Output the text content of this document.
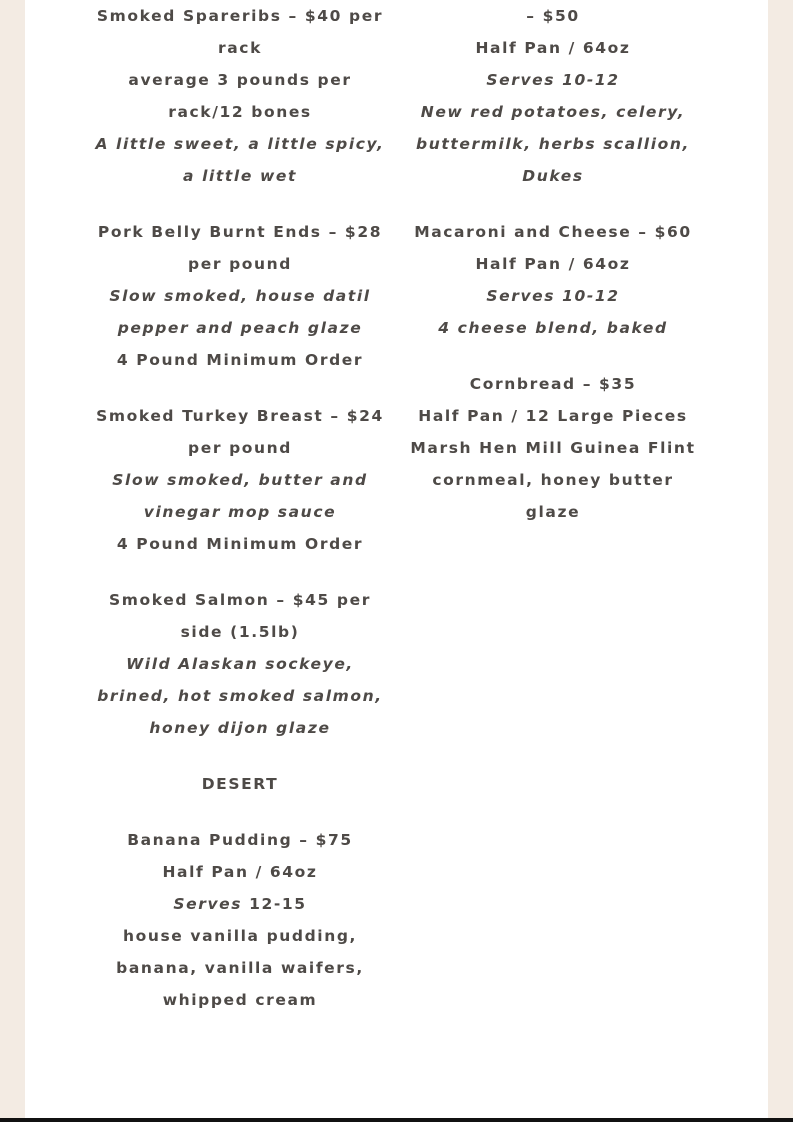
Smoked Spareribs – $40 per rack

average 3 pounds per rack/12 bones

A little sweet, a little spicy, a little wet

Pork Belly Burnt Ends – $28 per pound

Slow smoked, house datil pepper and peach glaze

4 Pound Minimum Order

Smoked Turkey Breast – $24 per pound

Slow smoked, butter and vinegar mop sauce

4 Pound Minimum Order

Smoked Salmon – $45 per side (1.5lb)

Wild Alaskan sockeye, brined, hot smoked salmon, honey dijon glaze

DESERT

Banana Pudding – $75

Half Pan / 64oz

Serves 12-15

house vanilla pudding, banana, vanilla waifers, whipped cream

– $50

Half Pan / 64oz

Serves 10-12

New red potatoes, celery, buttermilk, herbs scallion, Dukes

Macaroni and Cheese – $60

Half Pan / 64oz

Serves 10-12

4 cheese blend, baked

Cornbread – $35

Half Pan / 12 Large Pieces

Marsh Hen Mill Guinea Flint cornmeal, honey butter glaze
